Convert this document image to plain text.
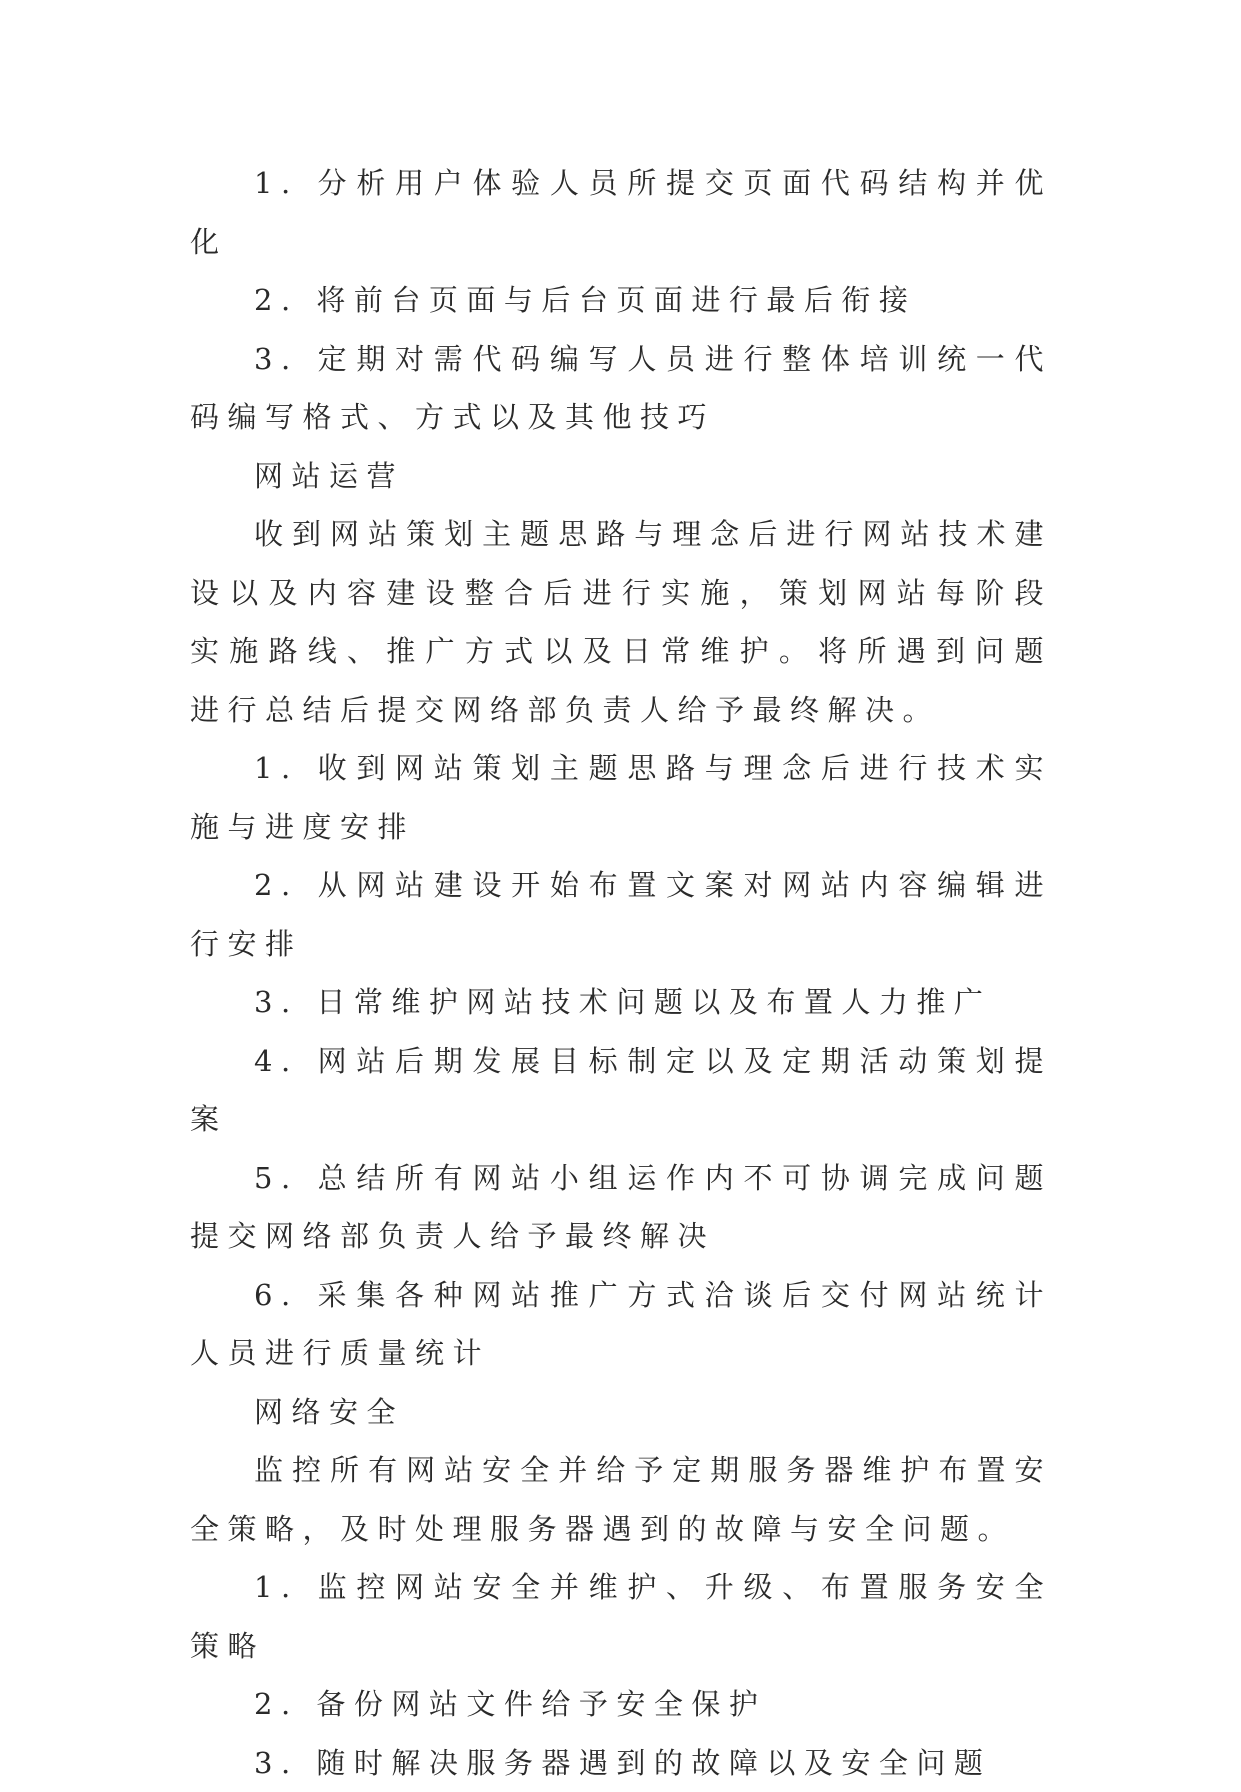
1. 分析用户体验人员所提交页面代码结构并优化

2. 将前台页面与后台页面进行最后衔接

3. 定期对需代码编写人员进行整体培训统一代码编写格式、方式以及其他技巧

网站运营

收到网站策划主题思路与理念后进行网站技术建设以及内容建设整合后进行实施，策划网站每阶段实施路线、推广方式以及日常维护。将所遇到问题进行总结后提交网络部负责人给予最终解决。

1. 收到网站策划主题思路与理念后进行技术实施与进度安排

2. 从网站建设开始布置文案对网站内容编辑进行安排

3. 日常维护网站技术问题以及布置人力推广

4. 网站后期发展目标制定以及定期活动策划提案

5. 总结所有网站小组运作内不可协调完成问题提交网络部负责人给予最终解决

6. 采集各种网站推广方式洽谈后交付网站统计人员进行质量统计

网络安全

监控所有网站安全并给予定期服务器维护布置安全策略，及时处理服务器遇到的故障与安全问题。

1. 监控网站安全并维护、升级、布置服务安全策略

2. 备份网站文件给予安全保护

3. 随时解决服务器遇到的故障以及安全问题
